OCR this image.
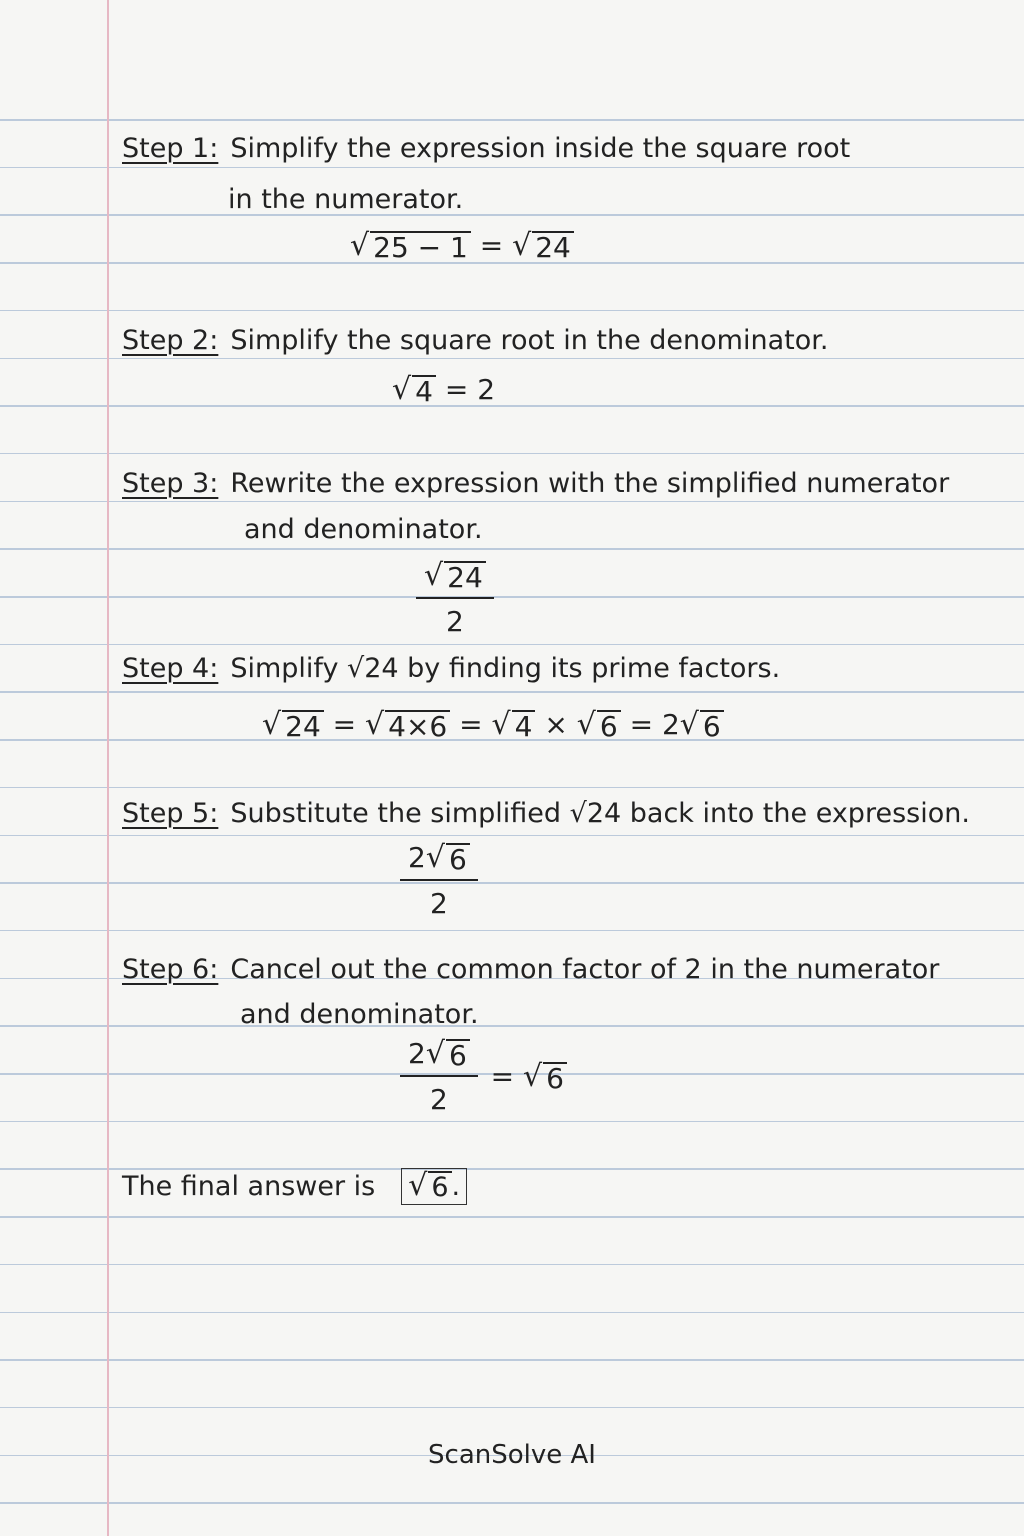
Step 1: Simplify the expression inside the square root
in the numerator.
√ 25 − 1 = √ 24
Step 2: Simplify the square root in the denominator.
√ 4 = 2
Step 3: Rewrite the expression with the simplified numerator
and denominator.
$\frac{√ 24}{2}$
Step 4: Simplify √24 by finding its prime factors.
√ 24 = √ 4×6 = √ 4 × √ 6 = 2 √ 6
Step 5: Substitute the simplified √24 back into the expression.
$\frac{2 √ 6}{2}$
Step 6: Cancel out the common factor of 2 in the numerator
and denominator.
$\frac{2 √ 6}{2}$ = √ 6
The final answer is √ 6 .
ScanSolve AI
